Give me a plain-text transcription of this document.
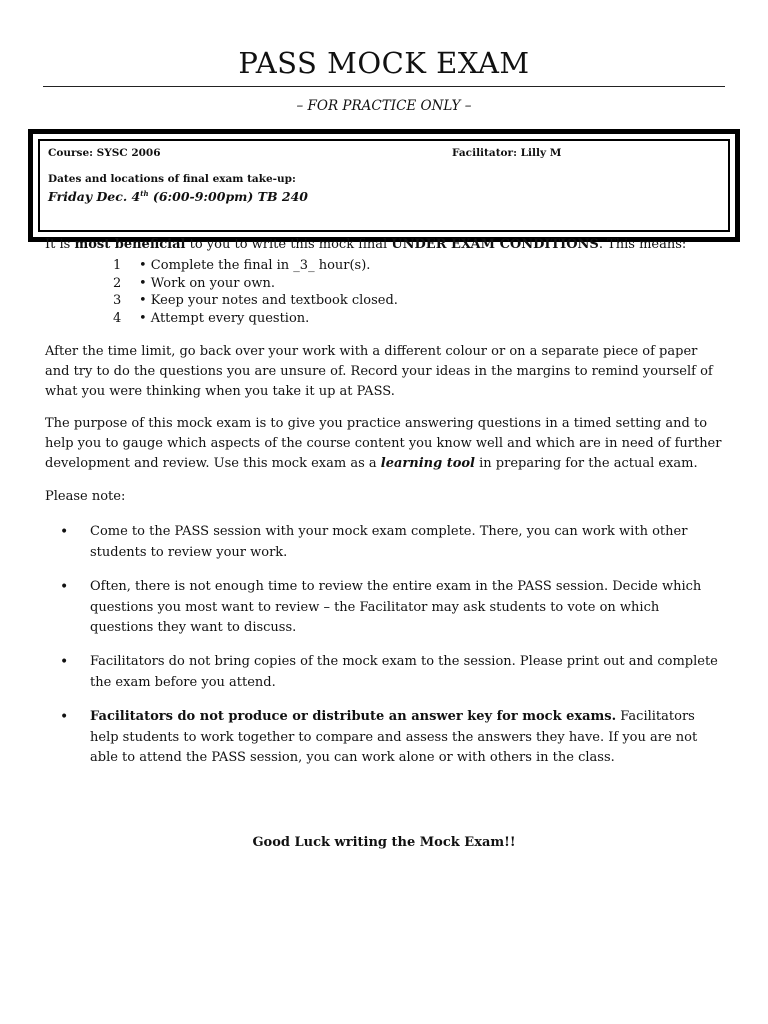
PASS MOCK EXAM
– FOR PRACTICE ONLY –
Course: SYSC 2006	Facilitator: Lilly M
Dates and locations of final exam take-up:
Friday Dec. 4th (6:00-9:00pm) TB 240
It is most beneficial to you to write this mock final UNDER EXAM CONDITIONS. This means:
1 • Complete the final in _3_ hour(s).
2 • Work on your own.
3 • Keep your notes and textbook closed.
4 • Attempt every question.
After the time limit, go back over your work with a different colour or on a separate piece of paper and try to do the questions you are unsure of. Record your ideas in the margins to remind yourself of what you were thinking when you take it up at PASS.
The purpose of this mock exam is to give you practice answering questions in a timed setting and to help you to gauge which aspects of the course content you know well and which are in need of further development and review. Use this mock exam as a learning tool in preparing for the actual exam.
Please note:
•	Come to the PASS session with your mock exam complete. There, you can work with other students to review your work.
•	Often, there is not enough time to review the entire exam in the PASS session. Decide which questions you most want to review – the Facilitator may ask students to vote on which questions they want to discuss.
•	Facilitators do not bring copies of the mock exam to the session. Please print out and complete the exam before you attend.
•	Facilitators do not produce or distribute an answer key for mock exams. Facilitators help students to work together to compare and assess the answers they have. If you are not able to attend the PASS session, you can work alone or with others in the class.
Good Luck writing the Mock Exam!!
